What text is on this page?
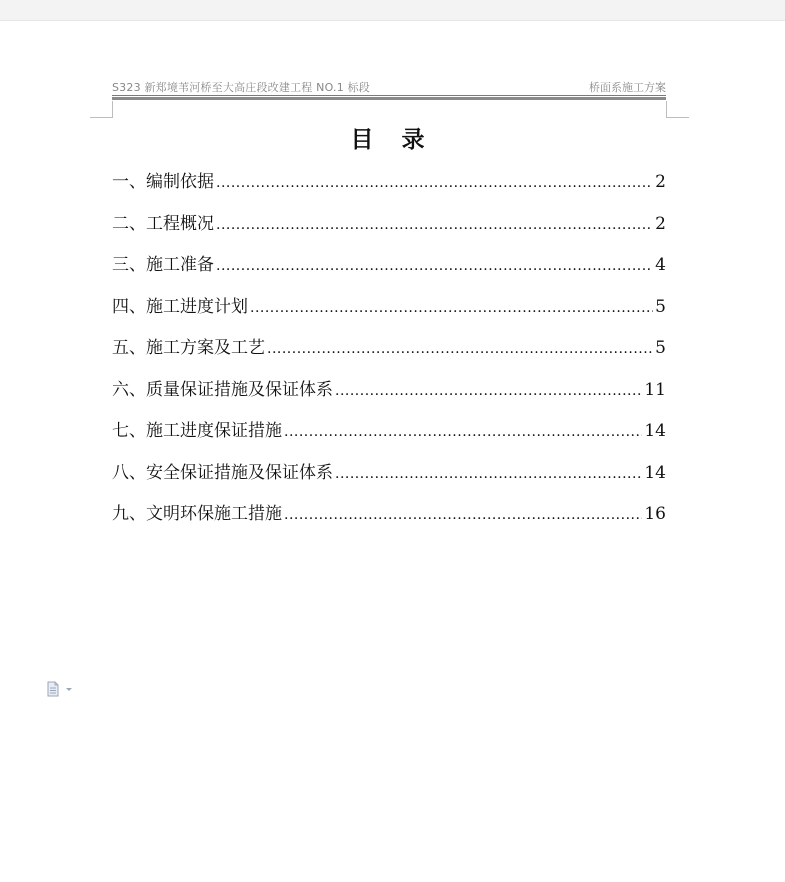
S323 新郑境苇河桥至大高庄段改建工程 NO.1 标段	桥面系施工方案
目 录
一、编制依据 .....	2
二、工程概况 .....	2
三、施工准备 .....	4
四、施工进度计划 .....	5
五、施工方案及工艺 .....	5
六、质量保证措施及保证体系 .....	11
七、施工进度保证措施 .....	14
八、安全保证措施及保证体系 .....	14
九、文明环保施工措施 .....	16
